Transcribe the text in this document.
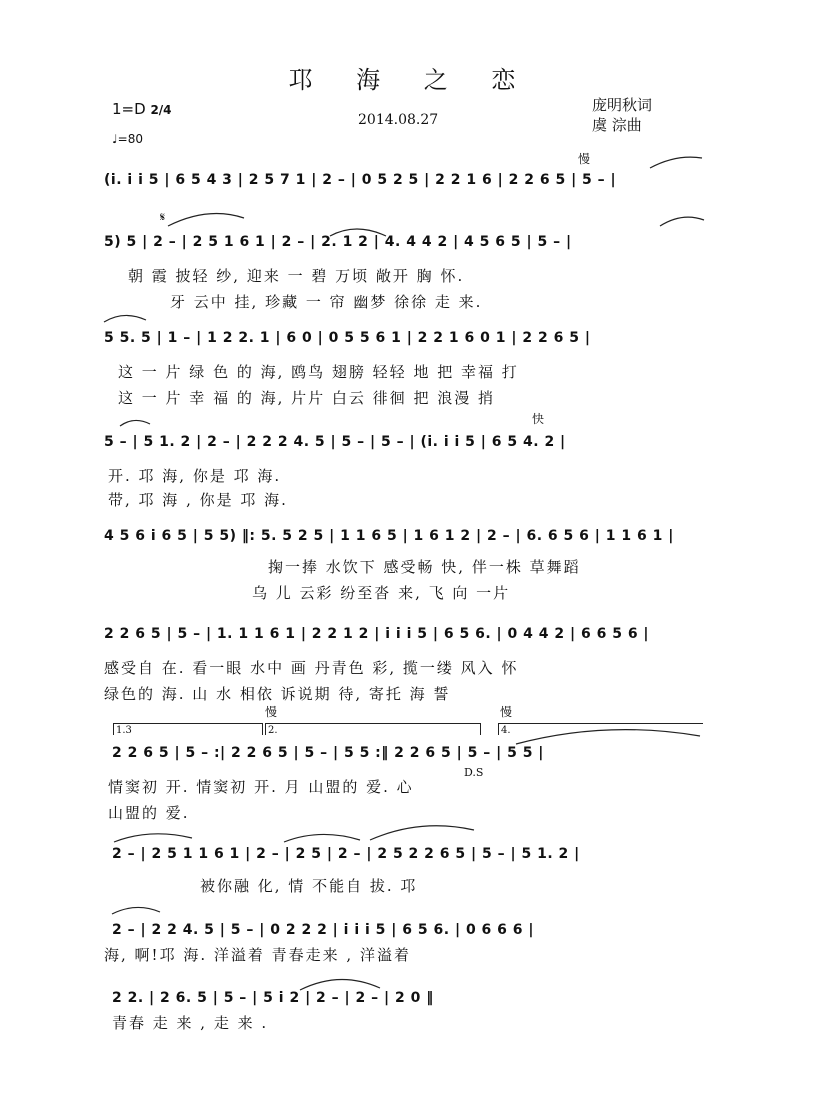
邛 海 之 恋
1=D 2/4
♩=80
2014.08.27
庞明秋词
虞 淙曲
慢
(i̇. i̇ i̇ 5 | 6 5 4 3 | 2 5 7 1 | 2 – | 0 5 2 5 | 2 2 1 6 | 2 2 6 5 | 5 – |
𝄋
5) 5 | 2 – | 2 5 1 6 1 | 2 – | 2. 1 2 | 4. 4 4 2 | 4 5 6 5 | 5 – |
朝 霞 披轻 纱, 迎来 一 碧 万顷 敞开 胸 怀.
牙 云中 挂, 珍藏 一 帘 幽梦 徐徐 走 来.
5 5. 5 | 1 – | 1 2 2. 1 | 6 0 | 0 5 5 6 1 | 2 2 1 6 0 1 | 2 2 6 5 |
这 一 片 绿 色 的 海, 鸥鸟 翅膀 轻轻 地 把 幸福 打
这 一 片 幸 福 的 海, 片片 白云 徘徊 把 浪漫 捎
快
5 – | 5 1. 2 | 2 – | 2 2 2 4. 5 | 5 – | 5 – | (i̇. i̇ i̇ 5 | 6 5 4. 2 |
开. 邛 海, 你是 邛 海.
带, 邛 海 , 你是 邛 海.
4 5 6 i̇ 6 5 | 5 5) ‖: 5. 5 2 5 | 1 1 6 5 | 1 6 1 2 | 2 – | 6. 6 5 6 | 1 1 6 1 |
掬一捧 水饮下 感受畅 快, 伴一株 草舞蹈
乌 儿 云彩 纷至沓 来, 飞 向 一片
2 2 6 5 | 5 – | 1. 1 1 6 1 | 2 2 1 2 | i̇ i̇ i̇ 5 | 6 5 6. | 0 4 4 2 | 6 6 5 6 |
感受自 在. 看一眼 水中 画 丹青色 彩, 揽一缕 风入 怀
绿色的 海. 山 水 相依 诉说期 待, 寄托 海 誓
1.3
慢
2.
慢
4.
D.S
2 2 6 5 | 5 – :| 2 2 6 5 | 5 – | 5 5 :‖ 2 2 6 5 | 5 – | 5 5 |
情窦初 开. 情窦初 开. 月 山盟的 爱. 心
山盟的 爱.
2 – | 2 5 1 1 6 1 | 2 – | 2 5 | 2 – | 2 5 2 2 6 5 | 5 – | 5 1. 2 |
被你融 化, 情 不能自 拔. 邛
2 – | 2 2 4. 5 | 5 – | 0 2 2 2 | i̇ i̇ i̇ 5 | 6 5 6. | 0 6 6 6 |
海, 啊!邛 海. 洋溢着 青春走来 , 洋溢着
2 2. | 2 6. 5 | 5 – | 5 i̇ 2 | 2 – | 2 – | 2 0 ‖
青春 走 来 , 走 来 .
